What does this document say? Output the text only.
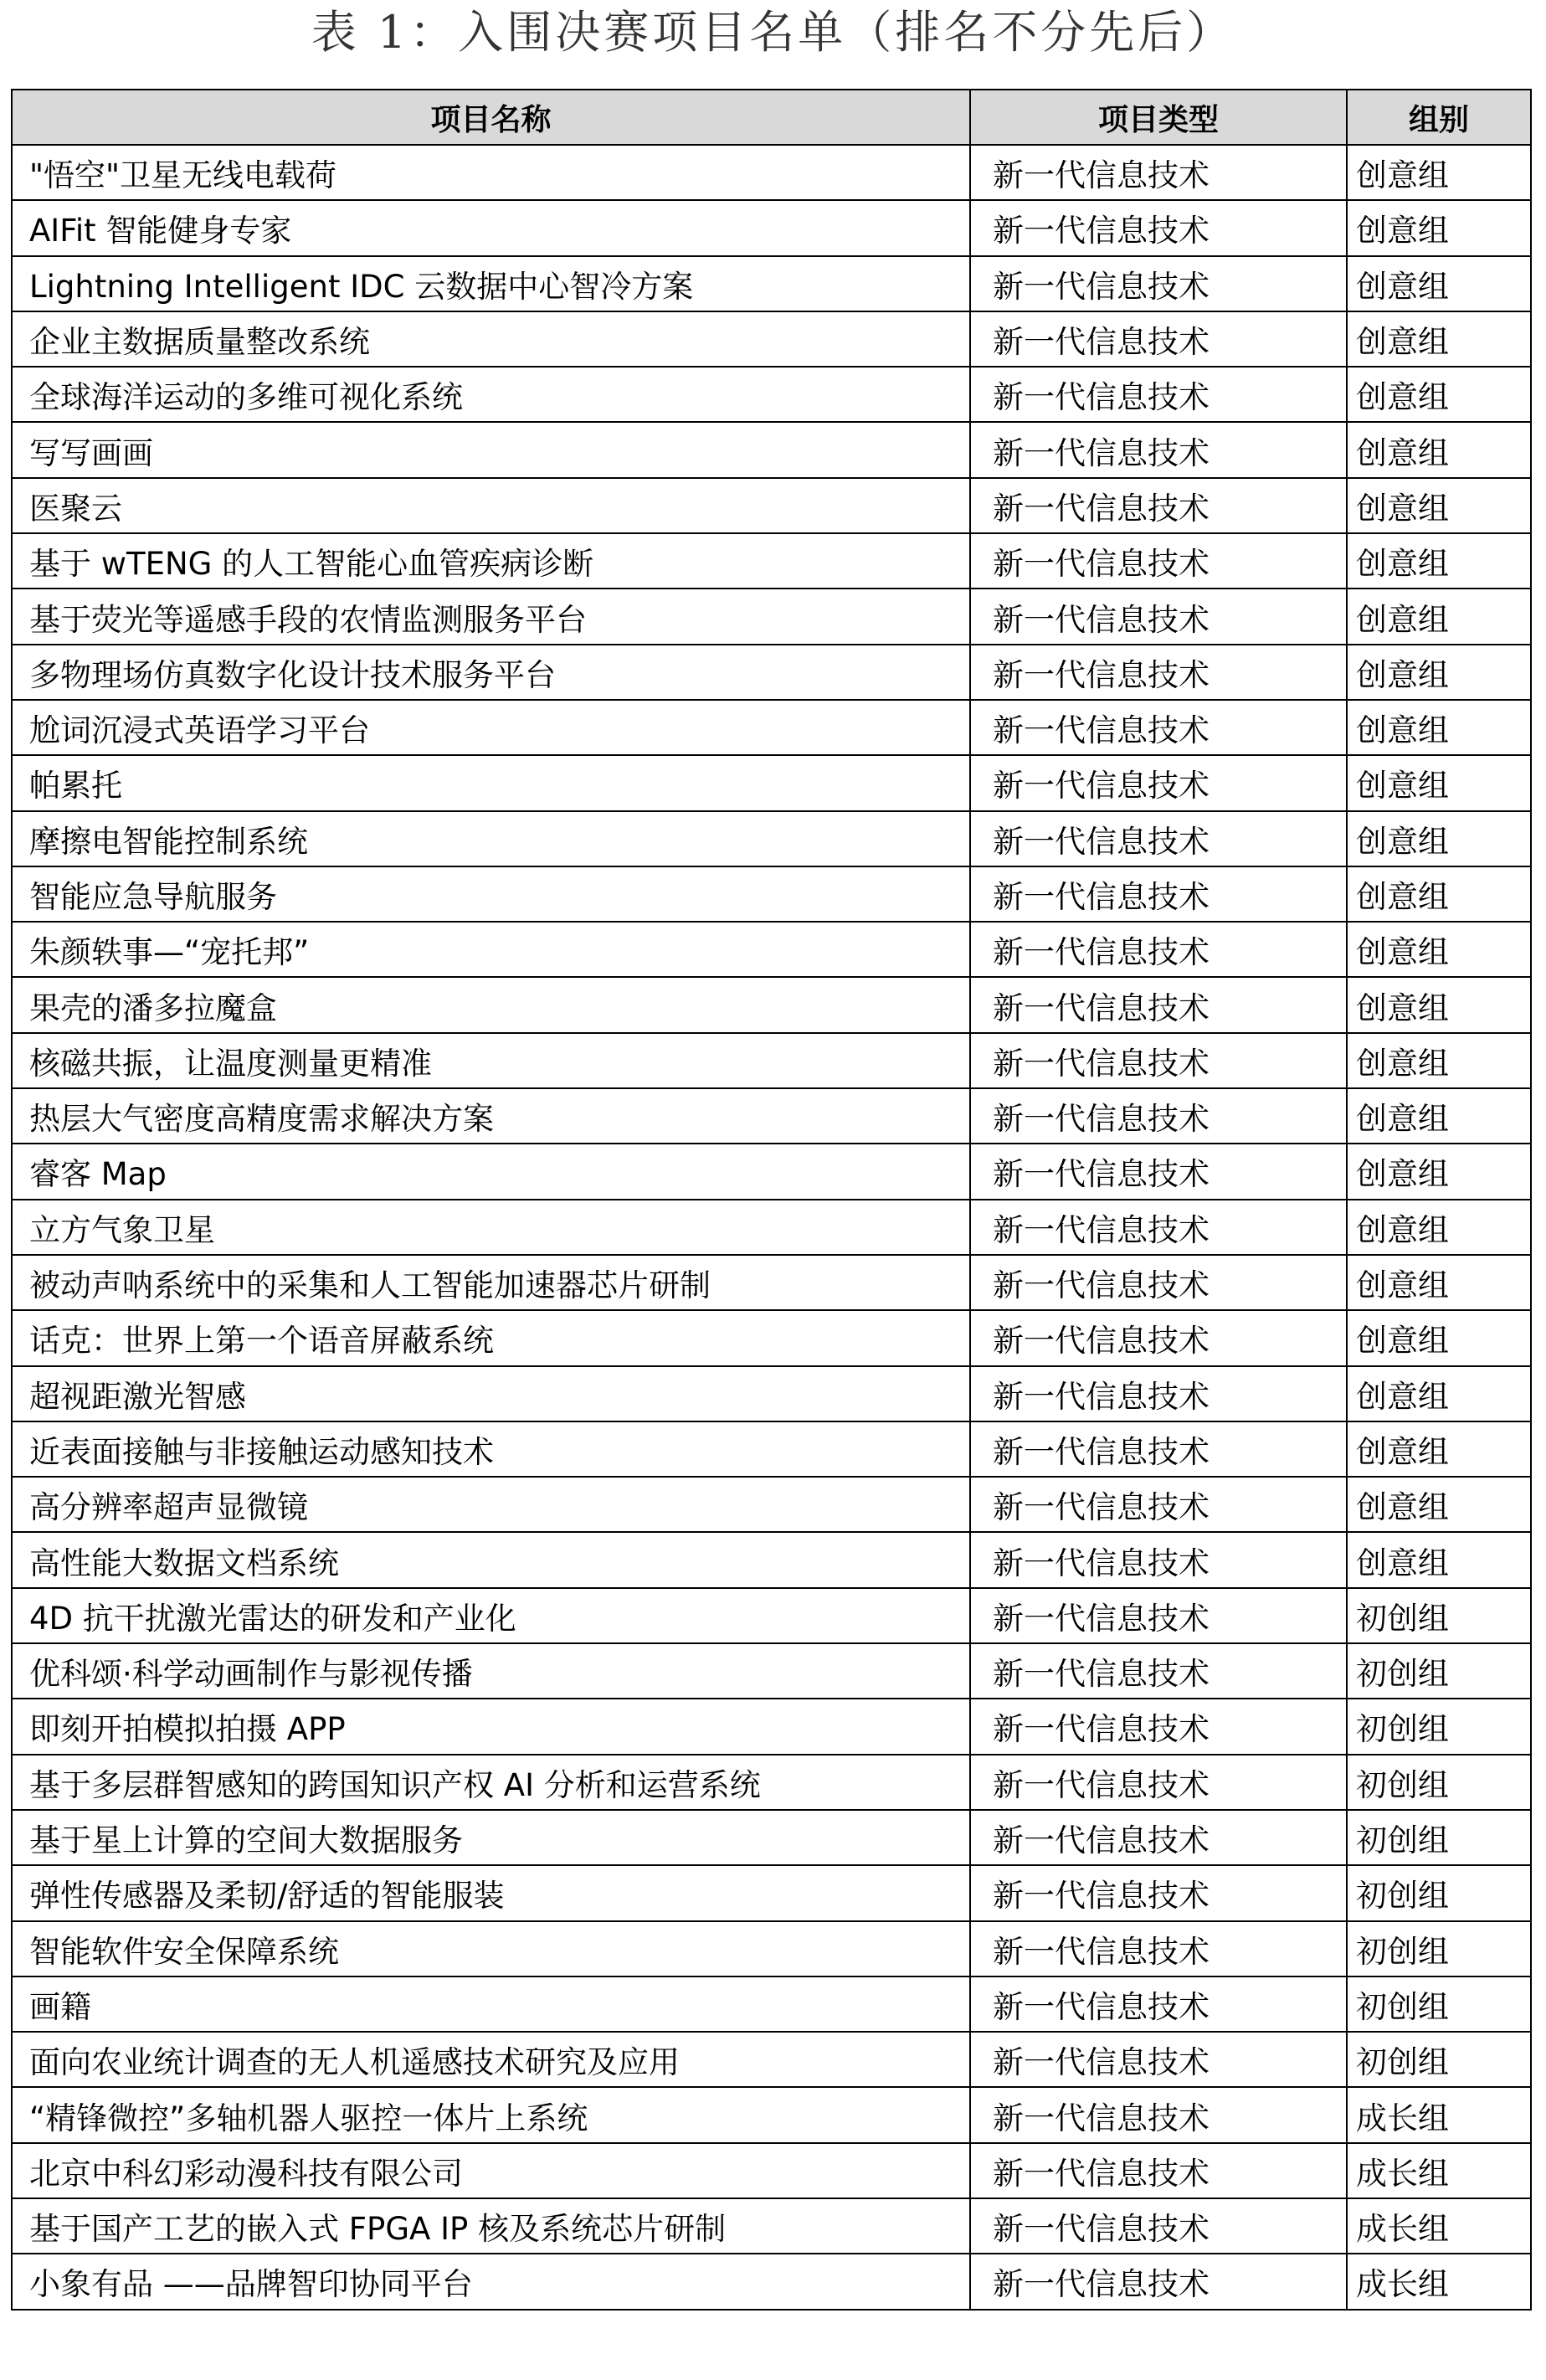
表 1：入围决赛项目名单（排名不分先后）
项目名称	项目类型	组别
"悟空"卫星无线电载荷	新一代信息技术	创意组
AIFit 智能健身专家	新一代信息技术	创意组
Lightning Intelligent IDC 云数据中心智冷方案	新一代信息技术	创意组
企业主数据质量整改系统	新一代信息技术	创意组
全球海洋运动的多维可视化系统	新一代信息技术	创意组
写写画画	新一代信息技术	创意组
医聚云	新一代信息技术	创意组
基于 wTENG 的人工智能心血管疾病诊断	新一代信息技术	创意组
基于荧光等遥感手段的农情监测服务平台	新一代信息技术	创意组
多物理场仿真数字化设计技术服务平台	新一代信息技术	创意组
尬词沉浸式英语学习平台	新一代信息技术	创意组
帕累托	新一代信息技术	创意组
摩擦电智能控制系统	新一代信息技术	创意组
智能应急导航服务	新一代信息技术	创意组
朱颜轶事—“宠托邦”	新一代信息技术	创意组
果壳的潘多拉魔盒	新一代信息技术	创意组
核磁共振，让温度测量更精准	新一代信息技术	创意组
热层大气密度高精度需求解决方案	新一代信息技术	创意组
睿客 Map	新一代信息技术	创意组
立方气象卫星	新一代信息技术	创意组
被动声呐系统中的采集和人工智能加速器芯片研制	新一代信息技术	创意组
话克：世界上第一个语音屏蔽系统	新一代信息技术	创意组
超视距激光智感	新一代信息技术	创意组
近表面接触与非接触运动感知技术	新一代信息技术	创意组
高分辨率超声显微镜	新一代信息技术	创意组
高性能大数据文档系统	新一代信息技术	创意组
4D 抗干扰激光雷达的研发和产业化	新一代信息技术	初创组
优科颂·科学动画制作与影视传播	新一代信息技术	初创组
即刻开拍模拟拍摄 APP	新一代信息技术	初创组
基于多层群智感知的跨国知识产权 AI 分析和运营系统	新一代信息技术	初创组
基于星上计算的空间大数据服务	新一代信息技术	初创组
弹性传感器及柔韧/舒适的智能服装	新一代信息技术	初创组
智能软件安全保障系统	新一代信息技术	初创组
画籍	新一代信息技术	初创组
面向农业统计调查的无人机遥感技术研究及应用	新一代信息技术	初创组
“精锋微控”多轴机器人驱控一体片上系统	新一代信息技术	成长组
北京中科幻彩动漫科技有限公司	新一代信息技术	成长组
基于国产工艺的嵌入式 FPGA IP 核及系统芯片研制	新一代信息技术	成长组
小象有品 ——品牌智印协同平台	新一代信息技术	成长组
